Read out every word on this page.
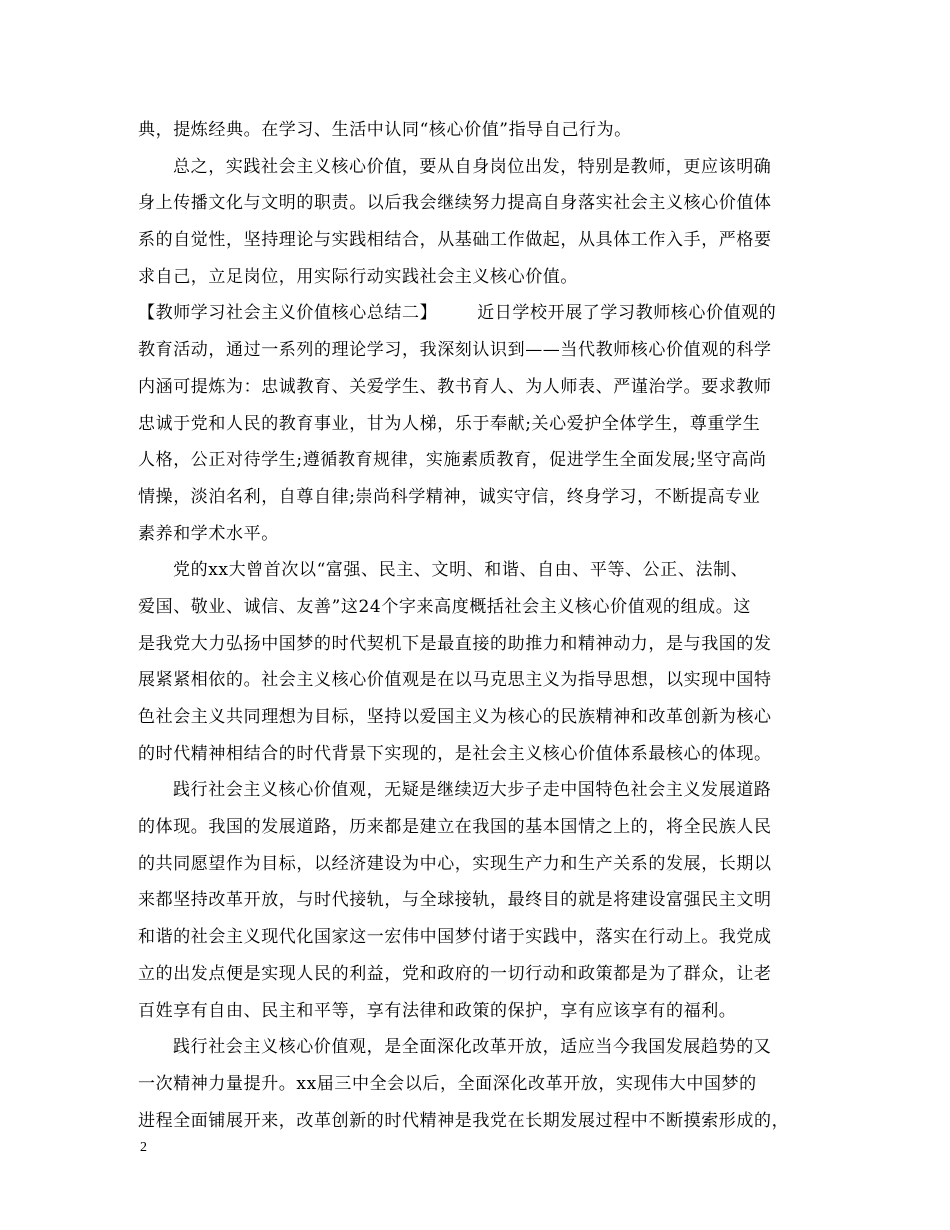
典，提炼经典。在学习、生活中认同“核心价值”指导自己行为。
总之，实践社会主义核心价值，要从自身岗位出发，特别是教师，更应该明确
身上传播文化与文明的职责。以后我会继续努力提高自身落实社会主义核心价值体
系的自觉性，坚持理论与实践相结合，从基础工作做起，从具体工作入手，严格要
求自己，立足岗位，用实际行动实践社会主义核心价值。
【教师学习社会主义价值核心总结二】 近日学校开展了学习教师核心价值观的
教育活动，通过一系列的理论学习，我深刻认识到——当代教师核心价值观的科学
内涵可提炼为：忠诚教育、关爱学生、教书育人、为人师表、严谨治学。要求教师
忠诚于党和人民的教育事业，甘为人梯，乐于奉献;关心爱护全体学生，尊重学生
人格，公正对待学生;遵循教育规律，实施素质教育，促进学生全面发展;坚守高尚
情操，淡泊名利，自尊自律;崇尚科学精神，诚实守信，终身学习，不断提高专业
素养和学术水平。
党的xx大曾首次以“富强、民主、文明、和谐、自由、平等、公正、法制、
爱国、敬业、诚信、友善”这24个字来高度概括社会主义核心价值观的组成。这
是我党大力弘扬中国梦的时代契机下是最直接的助推力和精神动力，是与我国的发
展紧紧相依的。社会主义核心价值观是在以马克思主义为指导思想，以实现中国特
色社会主义共同理想为目标，坚持以爱国主义为核心的民族精神和改革创新为核心
的时代精神相结合的时代背景下实现的，是社会主义核心价值体系最核心的体现。
践行社会主义核心价值观，无疑是继续迈大步子走中国特色社会主义发展道路
的体现。我国的发展道路，历来都是建立在我国的基本国情之上的，将全民族人民
的共同愿望作为目标，以经济建设为中心，实现生产力和生产关系的发展，长期以
来都坚持改革开放，与时代接轨，与全球接轨，最终目的就是将建设富强民主文明
和谐的社会主义现代化国家这一宏伟中国梦付诸于实践中，落实在行动上。我党成
立的出发点便是实现人民的利益，党和政府的一切行动和政策都是为了群众，让老
百姓享有自由、民主和平等，享有法律和政策的保护，享有应该享有的福利。
践行社会主义核心价值观，是全面深化改革开放，适应当今我国发展趋势的又
一次精神力量提升。xx届三中全会以后，全面深化改革开放，实现伟大中国梦的
进程全面铺展开来，改革创新的时代精神是我党在长期发展过程中不断摸索形成的，
2
